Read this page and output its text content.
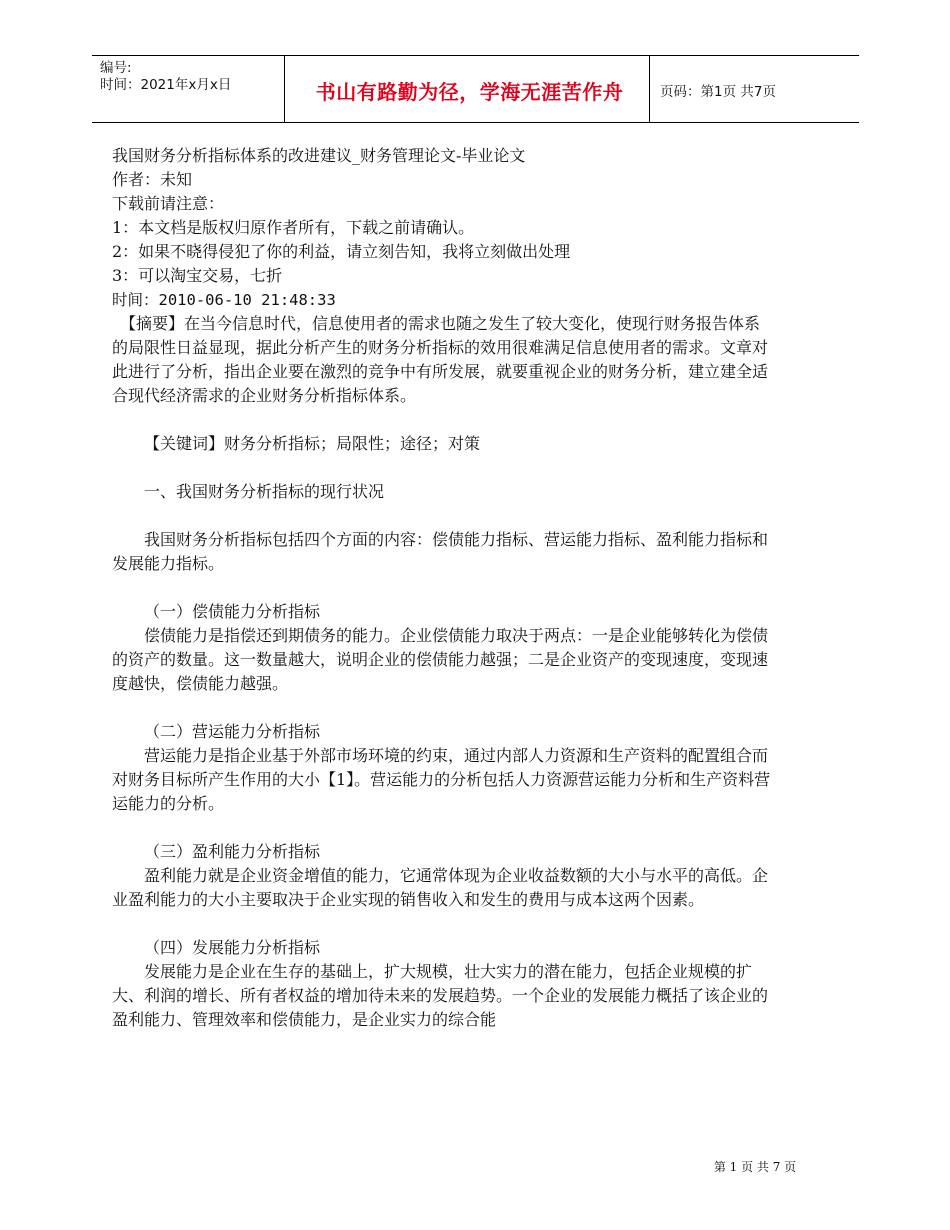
编号:
时间：2021年x月x日	书山有路勤为径，学海无涯苦作舟	页码：第1页 共7页

我国财务分析指标体系的改进建议_财务管理论文-毕业论文

作者：未知

下载前请注意：

1：本文档是版权归原作者所有，下载之前请确认。

2：如果不晓得侵犯了你的利益，请立刻告知，我将立刻做出处理

3：可以淘宝交易，七折

时间：2010-06-10 21:48:33

【摘要】在当今信息时代，信息使用者的需求也随之发生了较大变化，使现行财务报告体系的局限性日益显现，据此分析产生的财务分析指标的效用很难满足信息使用者的需求。文章对此进行了分析，指出企业要在激烈的竞争中有所发展，就要重视企业的财务分析，建立建全适合现代经济需求的企业财务分析指标体系。

【关键词】财务分析指标；局限性；途径；对策

一、我国财务分析指标的现行状况

我国财务分析指标包括四个方面的内容：偿债能力指标、营运能力指标、盈利能力指标和发展能力指标。

（一）偿债能力分析指标

偿债能力是指偿还到期债务的能力。企业偿债能力取决于两点：一是企业能够转化为偿债的资产的数量。这一数量越大，说明企业的偿债能力越强；二是企业资产的变现速度，变现速度越快，偿债能力越强。

（二）营运能力分析指标

营运能力是指企业基于外部市场环境的约束，通过内部人力资源和生产资料的配置组合而对财务目标所产生作用的大小【1】。营运能力的分析包括人力资源营运能力分析和生产资料营运能力的分析。

（三）盈利能力分析指标

盈利能力就是企业资金增值的能力，它通常体现为企业收益数额的大小与水平的高低。企业盈利能力的大小主要取决于企业实现的销售收入和发生的费用与成本这两个因素。

（四）发展能力分析指标

发展能力是企业在生存的基础上，扩大规模，壮大实力的潜在能力，包括企业规模的扩大、利润的增长、所有者权益的增加待未来的发展趋势。一个企业的发展能力概括了该企业的盈利能力、管理效率和偿债能力，是企业实力的综合能

第 1 页 共 7 页
